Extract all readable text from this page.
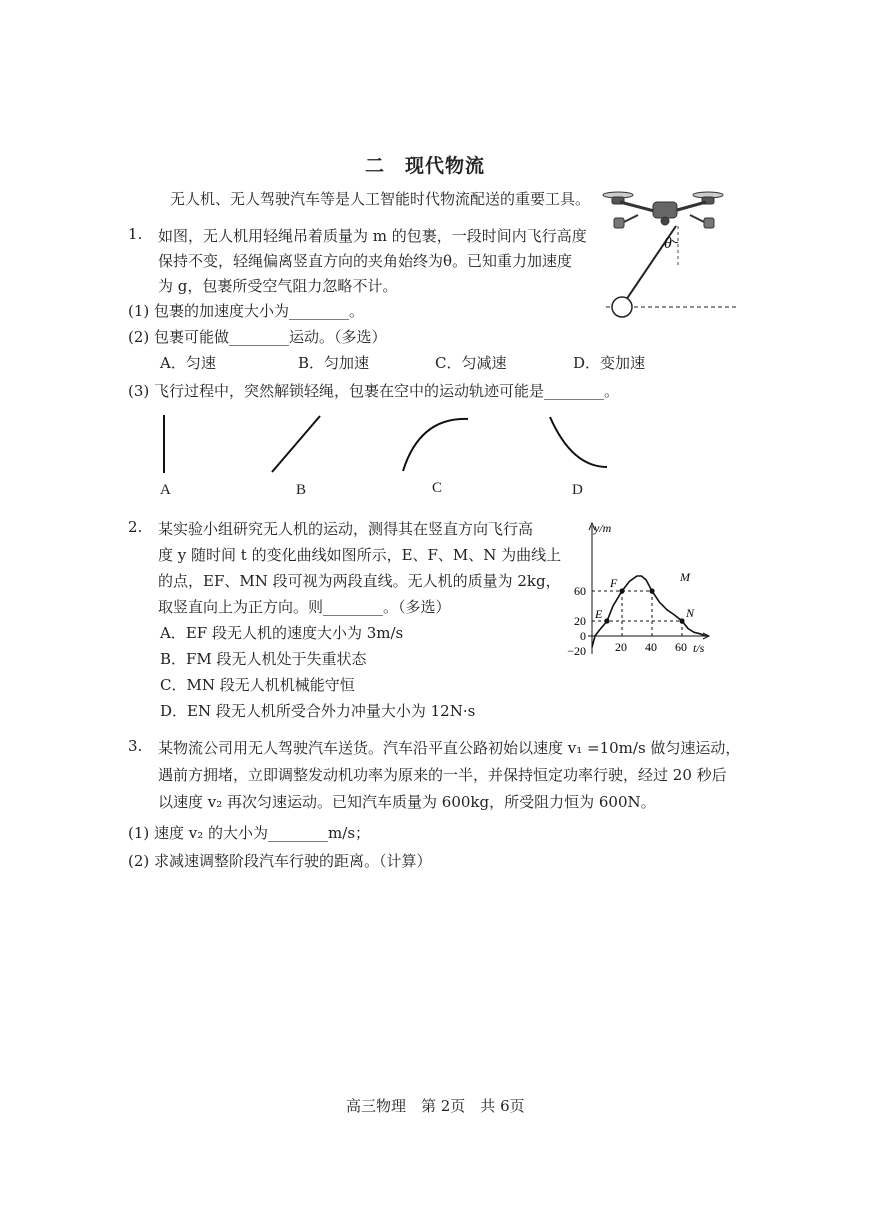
二　现代物流
无人机、无人驾驶汽车等是人工智能时代物流配送的重要工具。
1. 如图，无人机用轻绳吊着质量为 m 的包裹，一段时间内飞行高度
保持不变，轻绳偏离竖直方向的夹角始终为θ。已知重力加速度
为 g，包裹所受空气阻力忽略不计。
(1) 包裹的加速度大小为________。
(2) 包裹可能做________运动。（多选）
A．匀速	B．匀加速	C．匀减速	D．变加速
(3) 飞行过程中，突然解锁轻绳，包裹在空中的运动轨迹可能是________。
θ
A	B	C	D
2. 某实验小组研究无人机的运动，测得其在竖直方向飞行高
度 y 随时间 t 的变化曲线如图所示，E、F、M、N 为曲线上
的点，EF、MN 段可视为两段直线。无人机的质量为 2kg，
取竖直向上为正方向。则________。（多选）
A．EF 段无人机的速度大小为 3m/s
B．FM 段无人机处于失重状态
C．MN 段无人机机械能守恒
D．EN 段无人机所受合外力冲量大小为 12N·s
y/m
t/s
E
F	M
N
20 40 60
60
20
0
−20
3. 某物流公司用无人驾驶汽车送货。汽车沿平直公路初始以速度 v₁ =10m/s 做匀速运动，
遇前方拥堵，立即调整发动机功率为原来的一半，并保持恒定功率行驶，经过 20 秒后
以速度 v₂ 再次匀速运动。已知汽车质量为 600kg，所受阻力恒为 600N。
(1) 速度 v₂ 的大小为________m/s；
(2) 求减速调整阶段汽车行驶的距离。（计算）
高三物理　第 2页　共 6页
